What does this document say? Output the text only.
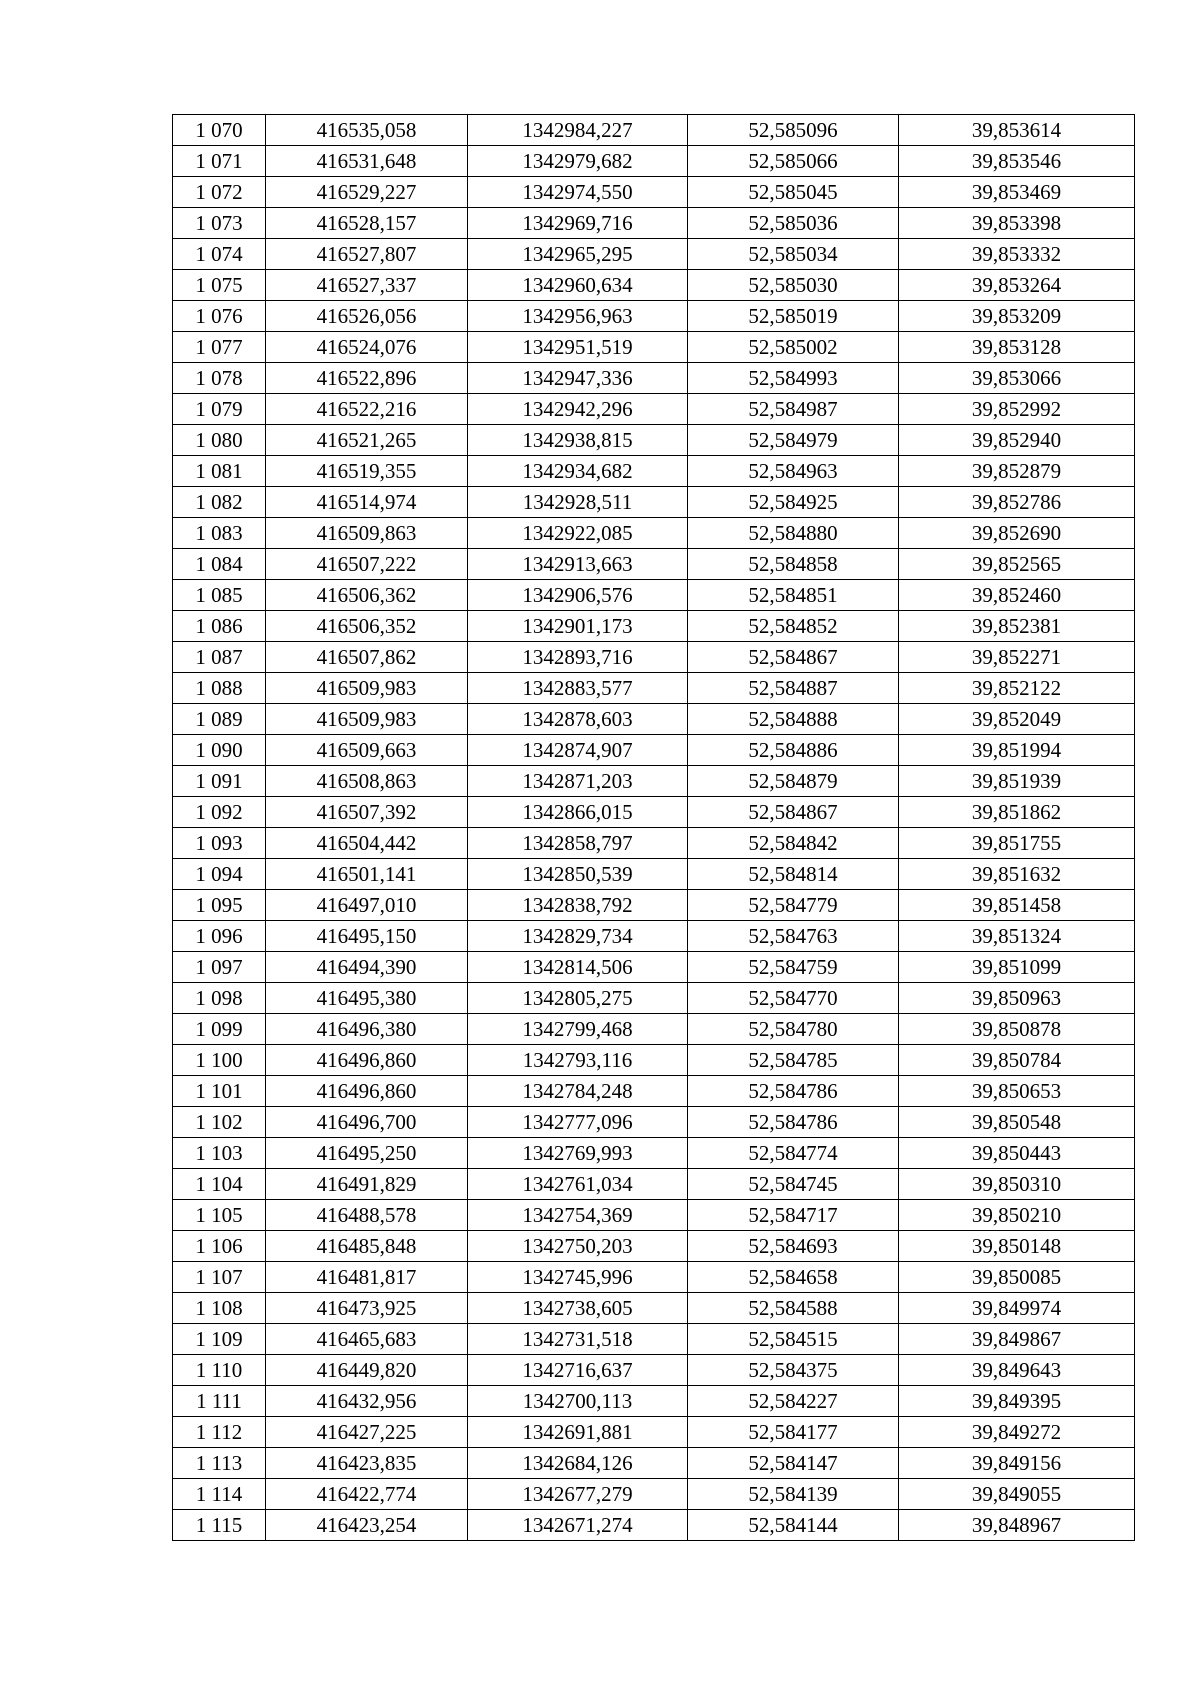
1 070	416535,058	1342984,227	52,585096	39,853614
1 071	416531,648	1342979,682	52,585066	39,853546
1 072	416529,227	1342974,550	52,585045	39,853469
1 073	416528,157	1342969,716	52,585036	39,853398
1 074	416527,807	1342965,295	52,585034	39,853332
1 075	416527,337	1342960,634	52,585030	39,853264
1 076	416526,056	1342956,963	52,585019	39,853209
1 077	416524,076	1342951,519	52,585002	39,853128
1 078	416522,896	1342947,336	52,584993	39,853066
1 079	416522,216	1342942,296	52,584987	39,852992
1 080	416521,265	1342938,815	52,584979	39,852940
1 081	416519,355	1342934,682	52,584963	39,852879
1 082	416514,974	1342928,511	52,584925	39,852786
1 083	416509,863	1342922,085	52,584880	39,852690
1 084	416507,222	1342913,663	52,584858	39,852565
1 085	416506,362	1342906,576	52,584851	39,852460
1 086	416506,352	1342901,173	52,584852	39,852381
1 087	416507,862	1342893,716	52,584867	39,852271
1 088	416509,983	1342883,577	52,584887	39,852122
1 089	416509,983	1342878,603	52,584888	39,852049
1 090	416509,663	1342874,907	52,584886	39,851994
1 091	416508,863	1342871,203	52,584879	39,851939
1 092	416507,392	1342866,015	52,584867	39,851862
1 093	416504,442	1342858,797	52,584842	39,851755
1 094	416501,141	1342850,539	52,584814	39,851632
1 095	416497,010	1342838,792	52,584779	39,851458
1 096	416495,150	1342829,734	52,584763	39,851324
1 097	416494,390	1342814,506	52,584759	39,851099
1 098	416495,380	1342805,275	52,584770	39,850963
1 099	416496,380	1342799,468	52,584780	39,850878
1 100	416496,860	1342793,116	52,584785	39,850784
1 101	416496,860	1342784,248	52,584786	39,850653
1 102	416496,700	1342777,096	52,584786	39,850548
1 103	416495,250	1342769,993	52,584774	39,850443
1 104	416491,829	1342761,034	52,584745	39,850310
1 105	416488,578	1342754,369	52,584717	39,850210
1 106	416485,848	1342750,203	52,584693	39,850148
1 107	416481,817	1342745,996	52,584658	39,850085
1 108	416473,925	1342738,605	52,584588	39,849974
1 109	416465,683	1342731,518	52,584515	39,849867
1 110	416449,820	1342716,637	52,584375	39,849643
1 111	416432,956	1342700,113	52,584227	39,849395
1 112	416427,225	1342691,881	52,584177	39,849272
1 113	416423,835	1342684,126	52,584147	39,849156
1 114	416422,774	1342677,279	52,584139	39,849055
1 115	416423,254	1342671,274	52,584144	39,848967
